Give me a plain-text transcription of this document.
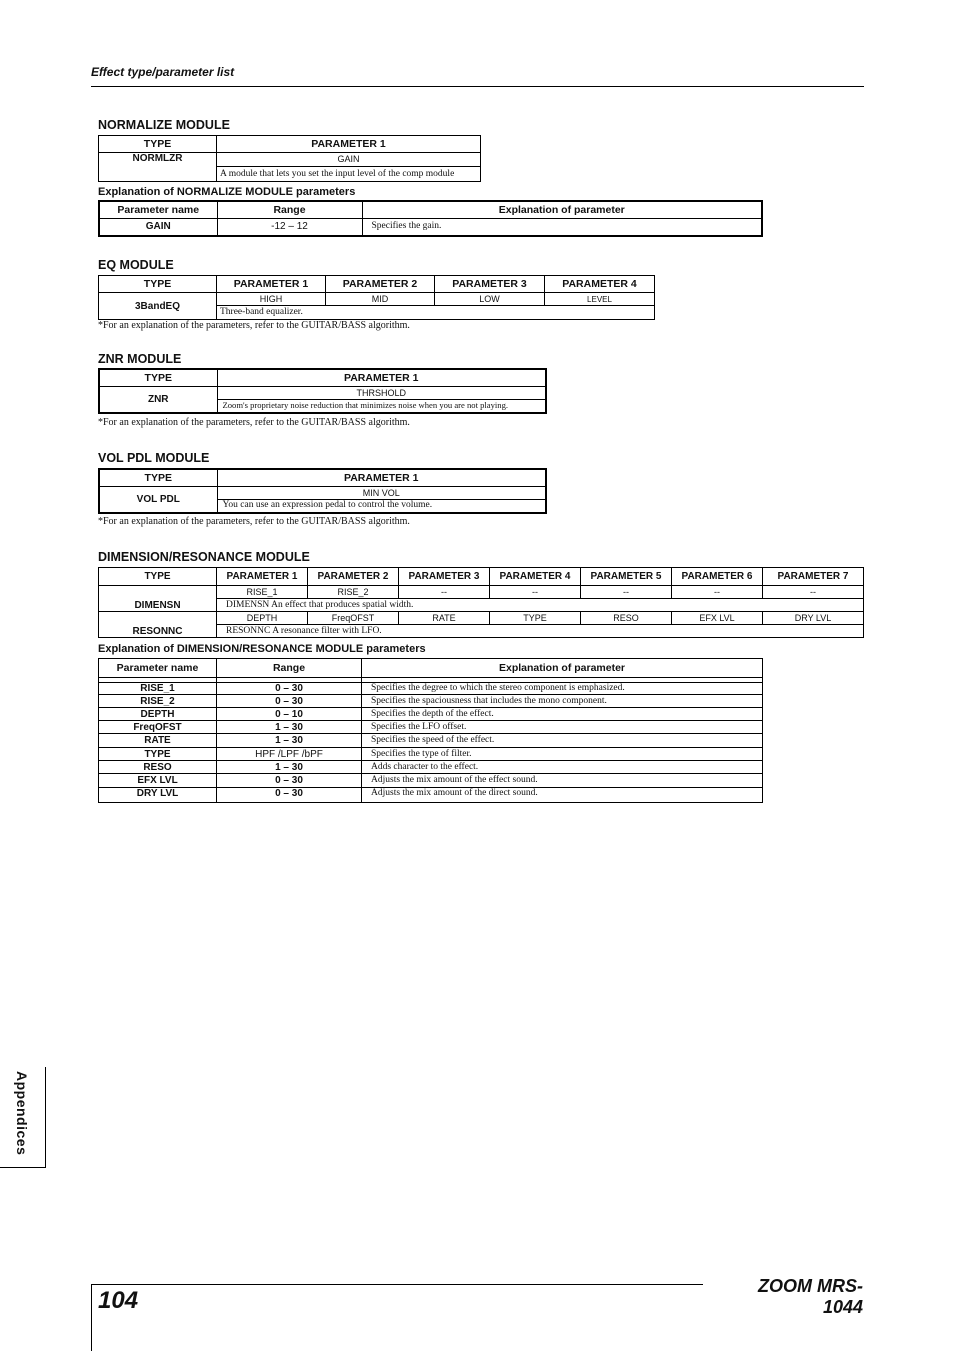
Effect type/parameter list
NORMALIZE MODULE
TYPE	PARAMETER 1
NORMLZR	GAIN
	A module that lets you set the input level of the comp module
Explanation of NORMALIZE MODULE parameters
Parameter name	Range	Explanation of parameter
GAIN	-12 – 12	Specifies the gain.
EQ MODULE
TYPE	PARAMETER 1	PARAMETER 2	PARAMETER 3	PARAMETER 4
3BandEQ	HIGH	MID	LOW	LEVEL
	Three-band equalizer.			
*For an explanation of the parameters, refer to the GUITAR/BASS algorithm.
ZNR MODULE
TYPE	PARAMETER 1
ZNR	THRSHOLD
	Zoom's proprietary noise reduction that minimizes noise when you are not playing.
*For an explanation of the parameters, refer to the GUITAR/BASS algorithm.
VOL PDL MODULE
TYPE	PARAMETER 1
VOL PDL	MIN VOL
	You can use an expression pedal to control the volume.
*For an explanation of the parameters, refer to the GUITAR/BASS algorithm.
DIMENSION/RESONANCE MODULE
TYPE	PARAMETER 1	PARAMETER 2	PARAMETER 3	PARAMETER 4	PARAMETER 5	PARAMETER 6	PARAMETER 7
DIMENSN	RISE_1	RISE_2	--	--	--	--	--
	DIMENSN An effect that produces spatial width.						
RESONNC	DEPTH	FreqOFST	RATE	TYPE	RESO	EFX LVL	DRY LVL
	RESONNC A resonance filter with LFO.						
Explanation of DIMENSION/RESONANCE MODULE parameters
Parameter name	Range	Explanation of parameter

RISE_1	0 – 30	Specifies the degree to which the stereo component is emphasized.
RISE_2	0 – 30	Specifies the spaciousness that includes the mono component.
DEPTH	0 – 10	Specifies the depth of the effect.
FreqOFST	1 – 30	Specifies the LFO offset.
RATE	1 – 30	Specifies the speed of the effect.
TYPE	HPF /LPF /bPF	Specifies the type of filter.
RESO	1 – 30	Adds character to the effect.
EFX LVL	0 – 30	Adjusts the mix amount of the effect sound.
DRY LVL	0 – 30	Adjusts the mix amount of the direct sound.
Appendices
104
ZOOM MRS-1044
